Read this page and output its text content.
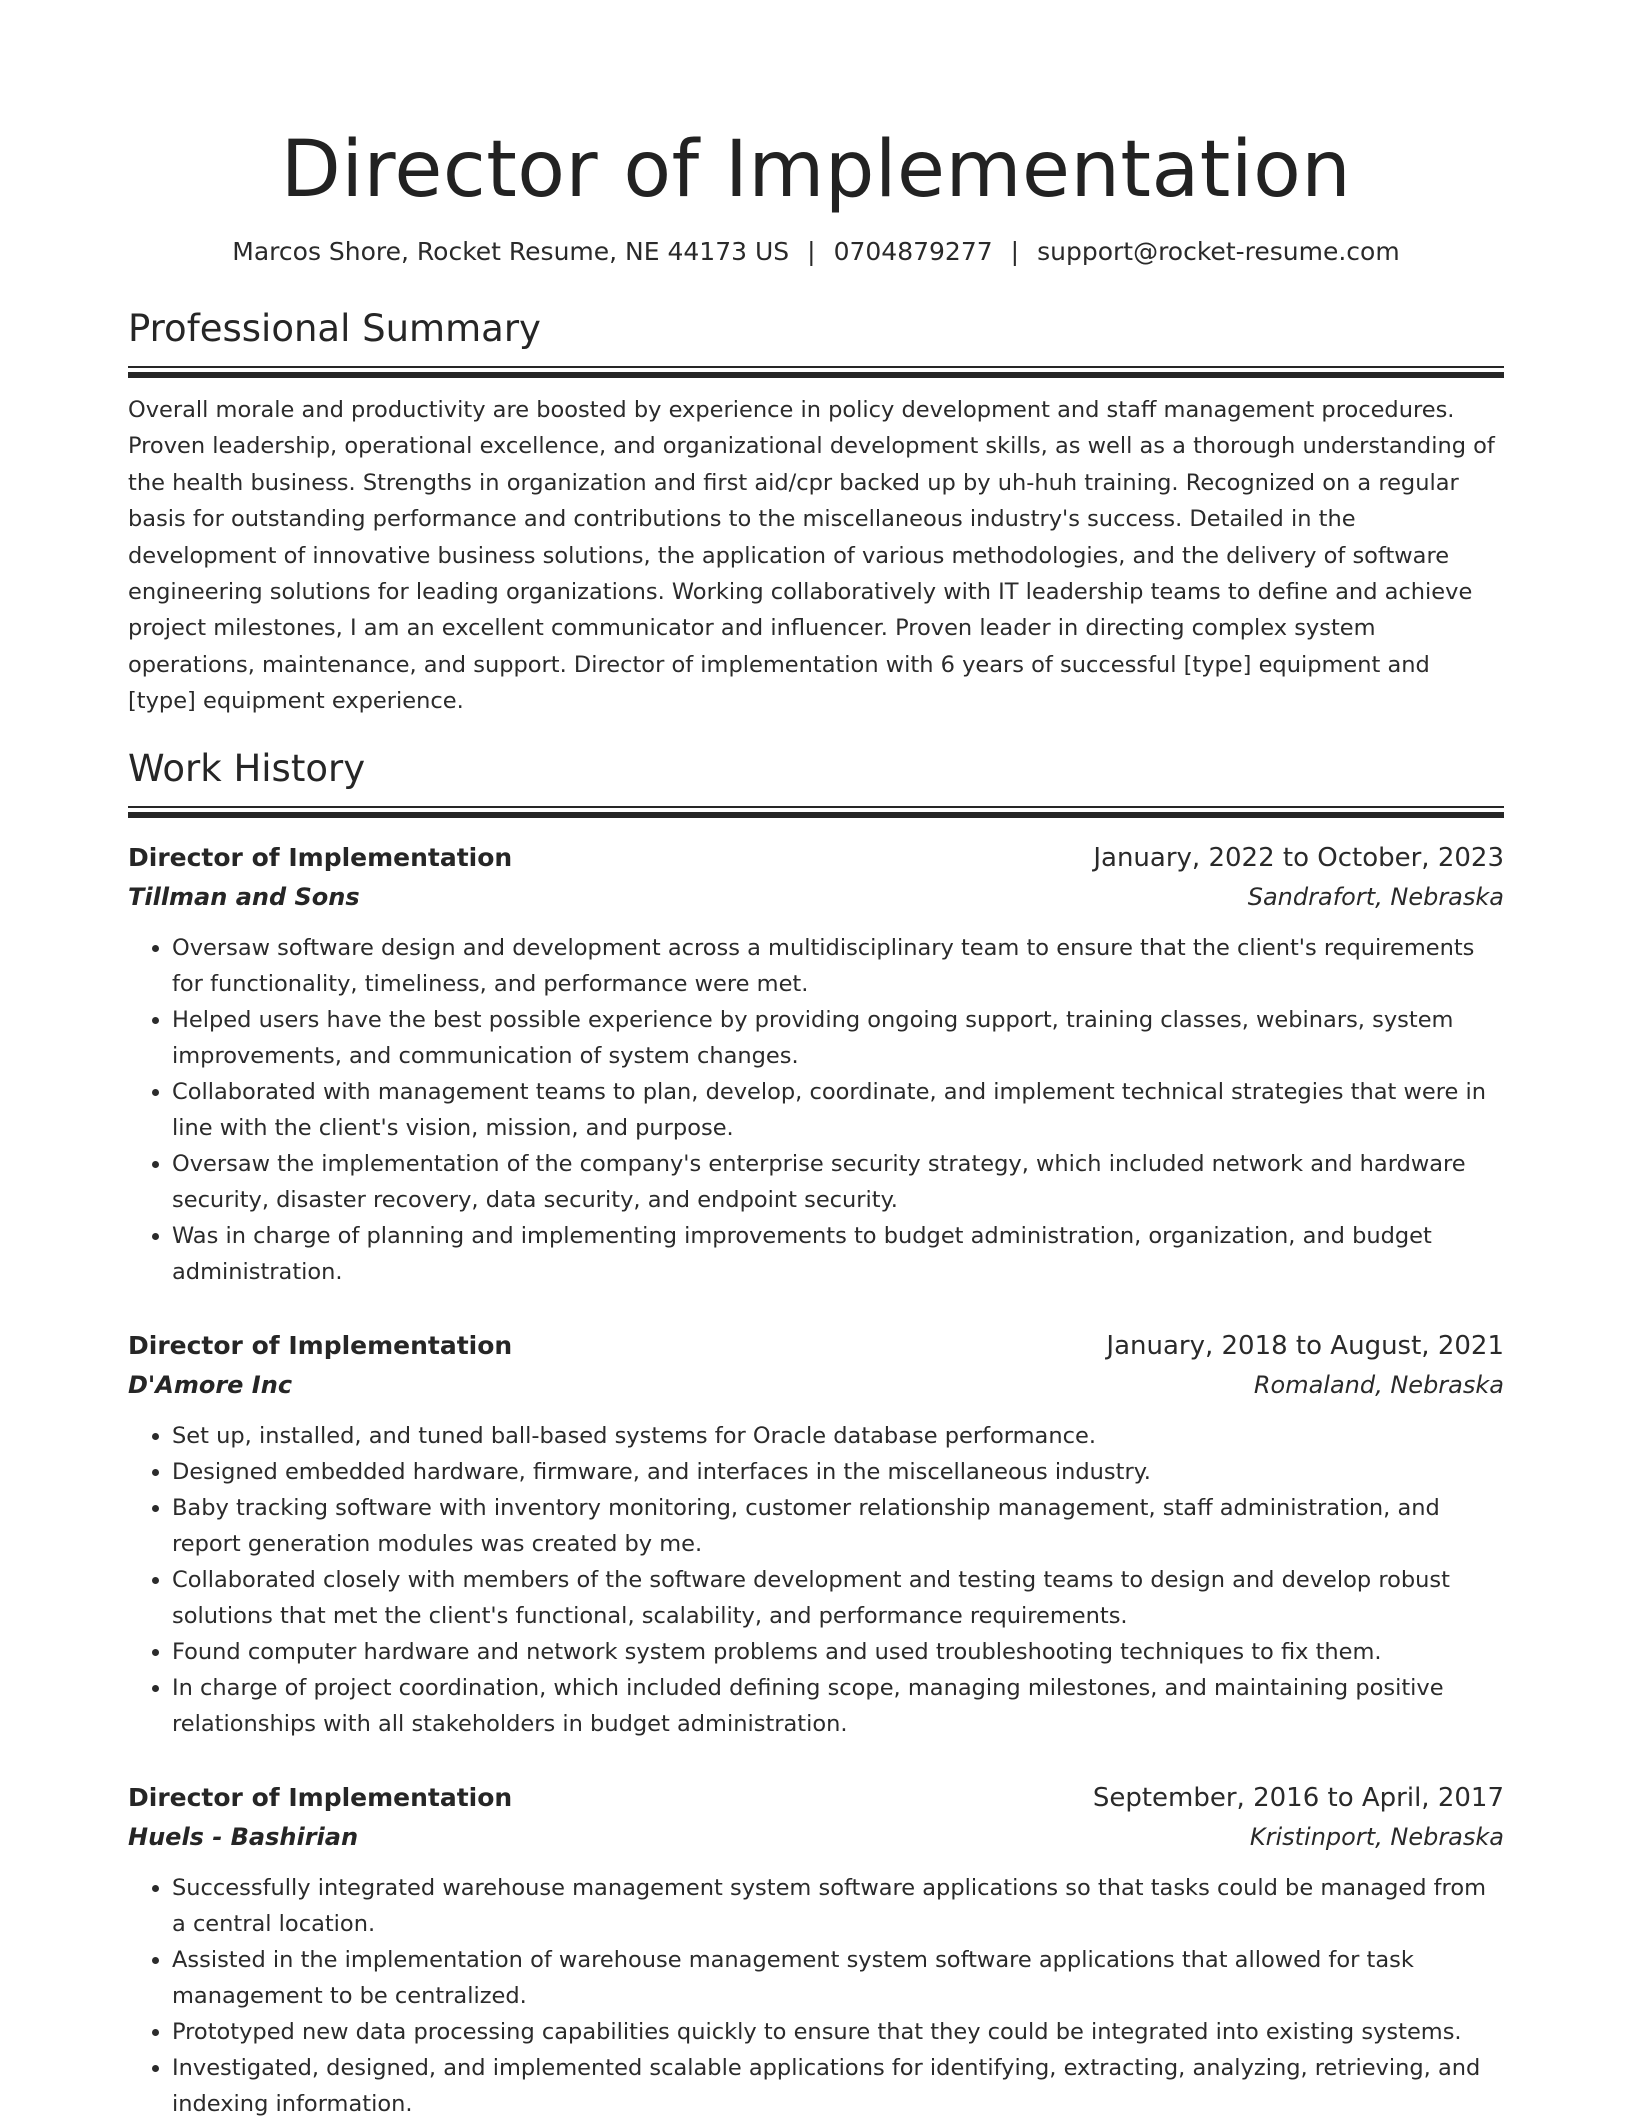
Director of Implementation
Marcos Shore, Rocket Resume, NE 44173 US | 0704879277 | support@rocket-resume.com
Professional Summary

Overall morale and productivity are boosted by experience in policy development and staff management procedures. Proven leadership, operational excellence, and organizational development skills, as well as a thorough understanding of the health business. Strengths in organization and first aid/cpr backed up by uh-huh training. Recognized on a regular basis for outstanding performance and contributions to the miscellaneous industry's success. Detailed in the development of innovative business solutions, the application of various methodologies, and the delivery of software engineering solutions for leading organizations. Working collaboratively with IT leadership teams to define and achieve project milestones, I am an excellent communicator and influencer. Proven leader in directing complex system operations, maintenance, and support. Director of implementation with 6 years of successful [type] equipment and [type] equipment experience.

Work History
Director of Implementation	January, 2022 to October, 2023
Tillman and Sons	Sandrafort, Nebraska
• Oversaw software design and development across a multidisciplinary team to ensure that the client's requirements for functionality, timeliness, and performance were met.
• Helped users have the best possible experience by providing ongoing support, training classes, webinars, system improvements, and communication of system changes.
• Collaborated with management teams to plan, develop, coordinate, and implement technical strategies that were in line with the client's vision, mission, and purpose.
• Oversaw the implementation of the company's enterprise security strategy, which included network and hardware security, disaster recovery, data security, and endpoint security.
• Was in charge of planning and implementing improvements to budget administration, organization, and budget administration.
Director of Implementation	January, 2018 to August, 2021
D'Amore Inc	Romaland, Nebraska
• Set up, installed, and tuned ball-based systems for Oracle database performance.
• Designed embedded hardware, firmware, and interfaces in the miscellaneous industry.
• Baby tracking software with inventory monitoring, customer relationship management, staff administration, and report generation modules was created by me.
• Collaborated closely with members of the software development and testing teams to design and develop robust solutions that met the client's functional, scalability, and performance requirements.
• Found computer hardware and network system problems and used troubleshooting techniques to fix them.
• In charge of project coordination, which included defining scope, managing milestones, and maintaining positive relationships with all stakeholders in budget administration.
Director of Implementation	September, 2016 to April, 2017
Huels - Bashirian	Kristinport, Nebraska
• Successfully integrated warehouse management system software applications so that tasks could be managed from a central location.
• Assisted in the implementation of warehouse management system software applications that allowed for task management to be centralized.
• Prototyped new data processing capabilities quickly to ensure that they could be integrated into existing systems.
• Investigated, designed, and implemented scalable applications for identifying, extracting, analyzing, retrieving, and indexing information.
